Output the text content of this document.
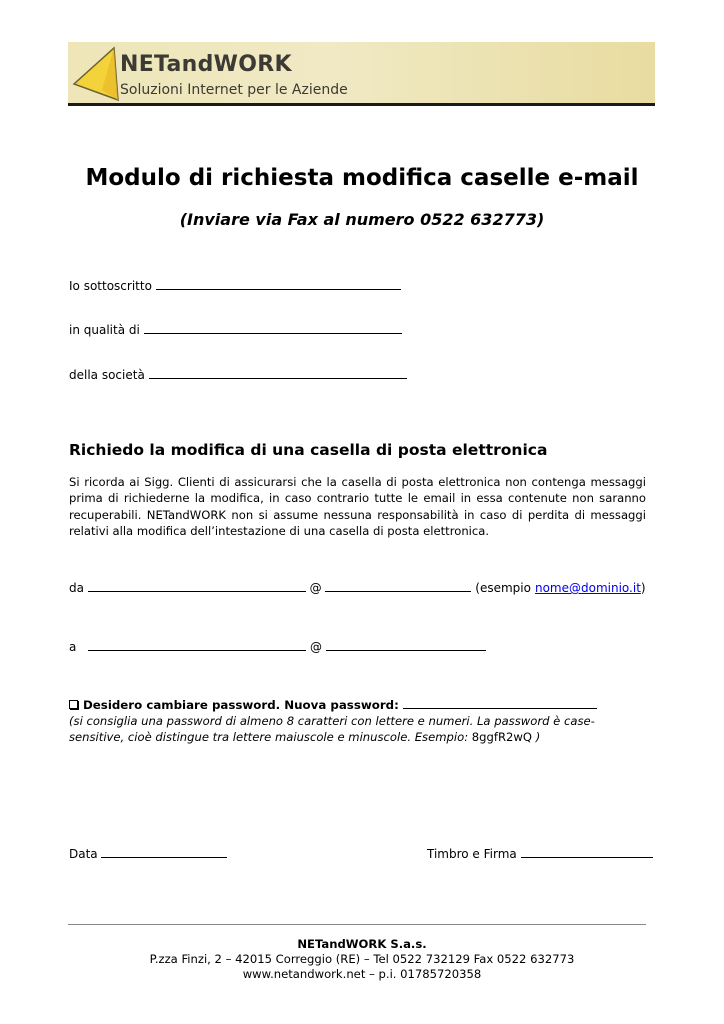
NETandWORK
Soluzioni Internet per le Aziende
Modulo di richiesta modifica caselle e-mail
(Inviare via Fax al numero 0522 632773)
Io sottoscritto
in qualità di
della società
Richiedo la modifica di una casella di posta elettronica
Si ricorda ai Sigg. Clienti di assicurarsi che la casella di posta elettronica non contenga messaggi prima di richiederne la modifica, in caso contrario tutte le email in essa contenute non saranno recuperabili. NETandWORK non si assume nessuna responsabilità in caso di perdita di messaggi relativi alla modifica dell’intestazione di una casella di posta elettronica.
da	@	(esempio nome@dominio.it)
a	@
Desidero cambiare password. Nuova password:
(si consiglia una password di almeno 8 caratteri con lettere e numeri. La password è case-sensitive, cioè distingue tra lettere maiuscole e minuscole. Esempio: 8ggfR2wQ )
Data	Timbro e Firma
NETandWORK S.a.s.
P.zza Finzi, 2 – 42015 Correggio (RE) – Tel 0522 732129 Fax 0522 632773
www.netandwork.net – p.i. 01785720358
